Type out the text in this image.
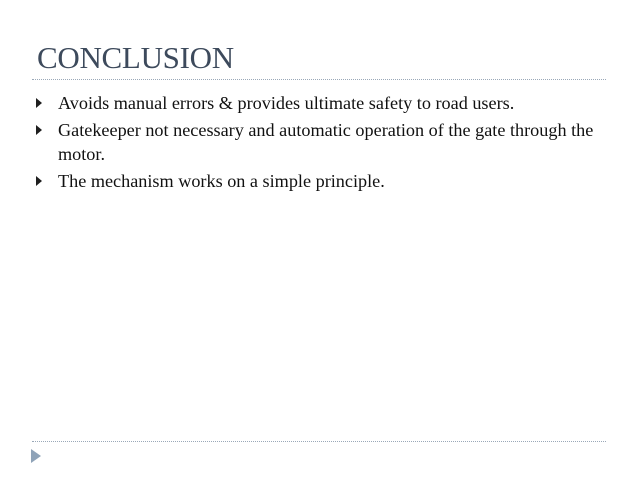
CONCLUSION
Avoids manual errors & provides ultimate safety to road users.
Gatekeeper not necessary and automatic operation of the gate through the motor.
The mechanism works on a simple principle.
